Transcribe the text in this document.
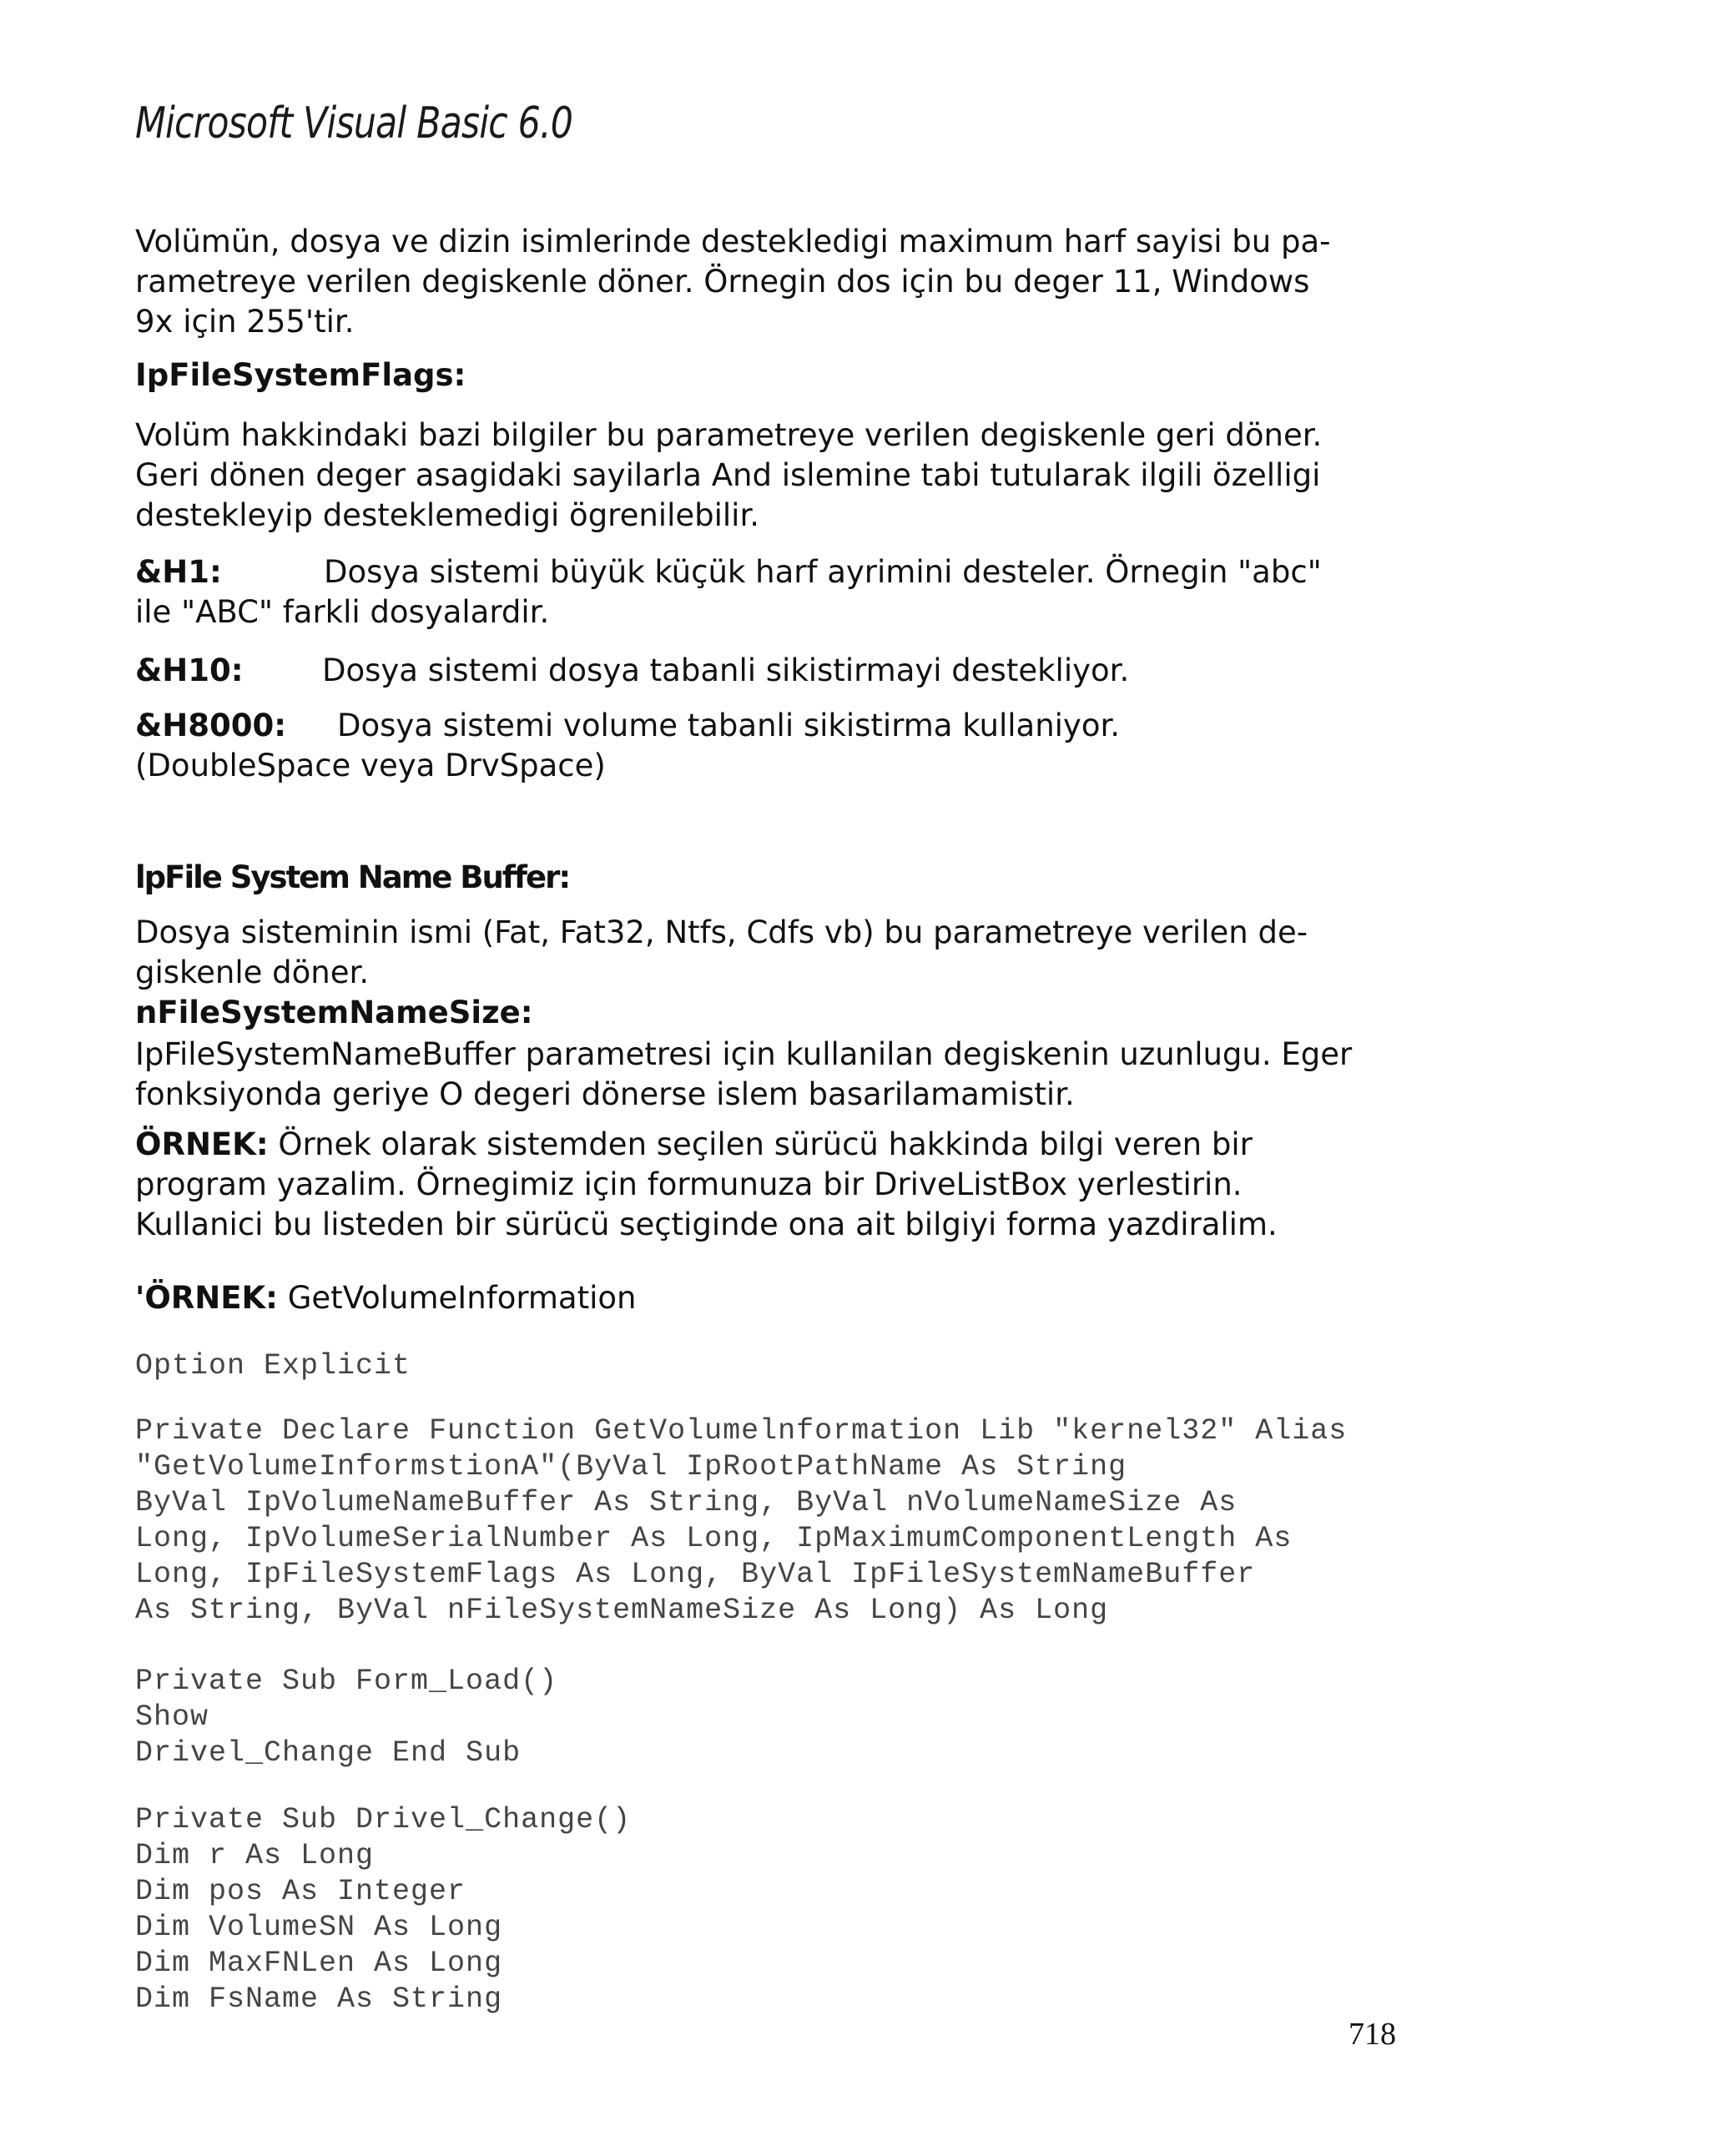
Microsoft Visual Basic 6.0

Volümün, dosya ve dizin isimlerinde destekledigi maximum harf sayisi bu pa-

rametreye verilen degiskenle döner. Örnegin dos için bu deger 11, Windows

9x için 255'tir.

IpFileSystemFlags:

Volüm hakkindaki bazi bilgiler bu parametreye verilen degiskenle geri döner.

Geri dönen deger asagidaki sayilarla And islemine tabi tutularak ilgili özelligi

destekleyip desteklemedigi ögrenilebilir.

&H1:	Dosya sistemi büyük küçük harf ayrimini desteler. Örnegin "abc"
ile "ABC" farkli dosyalardir.
&H10:	Dosya sistemi dosya tabanli sikistirmayi destekliyor.
&H8000: Dosya sistemi volume tabanli sikistirma kullaniyor.
(DoubleSpace veya DrvSpace)
lpFile System Name Buffer:

Dosya sisteminin ismi (Fat, Fat32, Ntfs, Cdfs vb) bu parametreye verilen de-

giskenle döner.

nFileSystemNameSize:

IpFileSystemNameBuffer parametresi için kullanilan degiskenin uzunlugu. Eger

fonksiyonda geriye O degeri dönerse islem basarilamamistir.

ÖRNEK: Örnek olarak sistemden seçilen sürücü hakkinda bilgi veren bir

program yazalim. Örnegimiz için formunuza bir DriveListBox yerlestirin.

Kullanici bu listeden bir sürücü seçtiginde ona ait bilgiyi forma yazdiralim.

'ÖRNEK: GetVolumeInformation

Option Explicit
Private Declare Function GetVolumelnformation Lib "kernel32" Alias
"GetVolumeInformstionA"(ByVal IpRootPathName As String
ByVal IpVolumeNameBuffer As String, ByVal nVolumeNameSize As
Long, IpVolumeSerialNumber As Long, IpMaximumComponentLength As
Long, IpFileSystemFlags As Long, ByVal IpFileSystemNameBuffer
As String, ByVal nFileSystemNameSize As Long) As Long
Private Sub Form_Load()
Show
Drivel_Change End Sub
Private Sub Drivel_Change()
Dim r As Long
Dim pos As Integer
Dim VolumeSN As Long
Dim MaxFNLen As Long
Dim FsName As String
718
